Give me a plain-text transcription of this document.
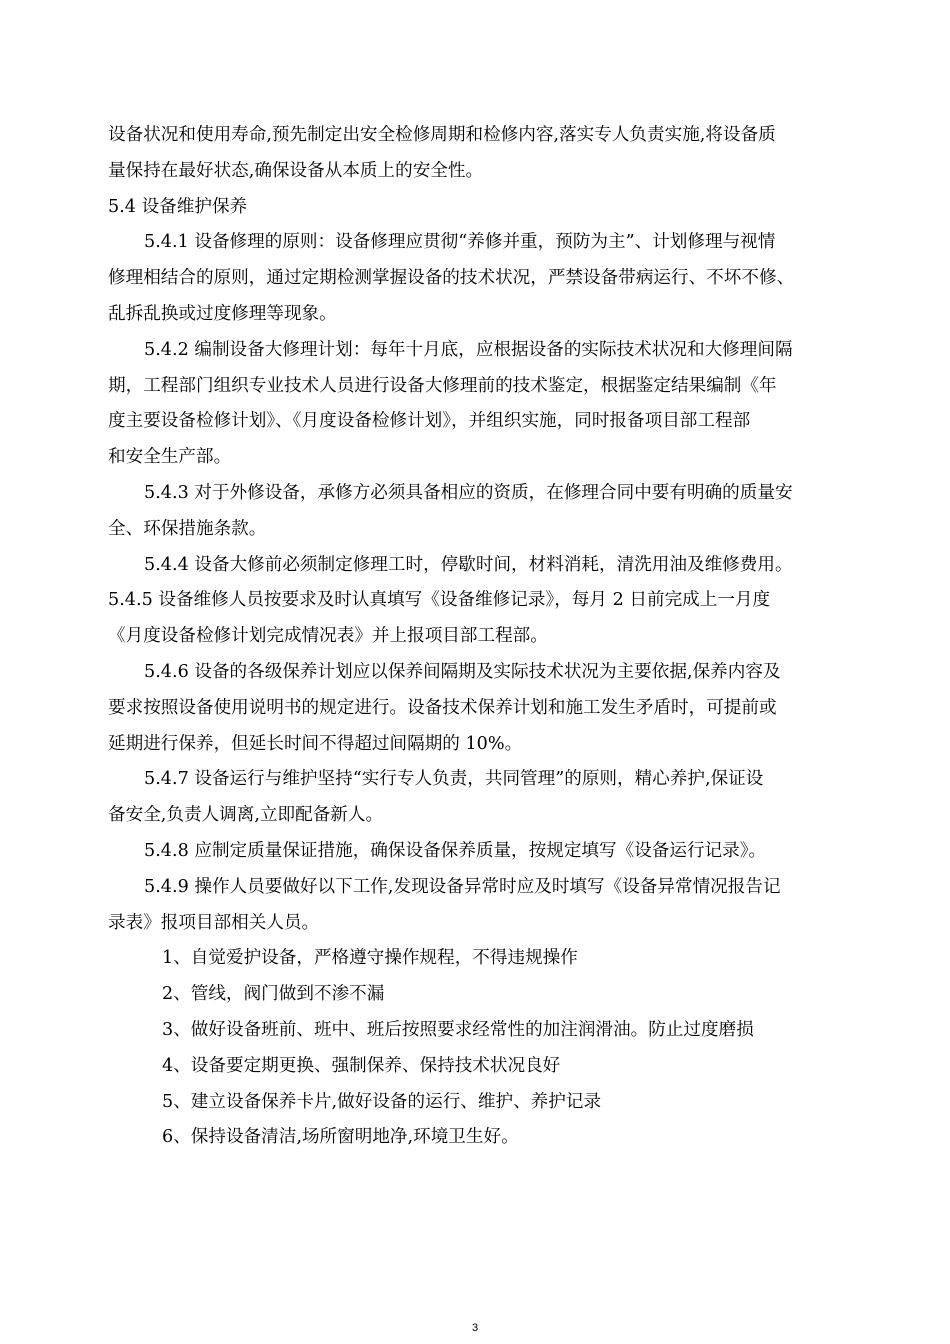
设备状况和使用寿命,预先制定出安全检修周期和检修内容,落实专人负责实施,将设备质

量保持在最好状态,确保设备从本质上的安全性。

5.4 设备维护保养

5.4.1 设备修理的原则：设备修理应贯彻“养修并重，预防为主”、计划修理与视情

修理相结合的原则，通过定期检测掌握设备的技术状况，严禁设备带病运行、不坏不修、

乱拆乱换或过度修理等现象。

5.4.2 编制设备大修理计划：每年十月底，应根据设备的实际技术状况和大修理间隔

期，工程部门组织专业技术人员进行设备大修理前的技术鉴定，根据鉴定结果编制《年

度主要设备检修计划》、《月度设备检修计划》，并组织实施，同时报备项目部工程部

和安全生产部。

5.4.3 对于外修设备，承修方必须具备相应的资质，在修理合同中要有明确的质量安

全、环保措施条款。

5.4.4 设备大修前必须制定修理工时，停歇时间，材料消耗，清洗用油及维修费用。

5.4.5 设备维修人员按要求及时认真填写《设备维修记录》，每月 2 日前完成上一月度

《月度设备检修计划完成情况表》并上报项目部工程部。

5.4.6 设备的各级保养计划应以保养间隔期及实际技术状况为主要依据,保养内容及

要求按照设备使用说明书的规定进行。设备技术保养计划和施工发生矛盾时，可提前或

延期进行保养，但延长时间不得超过间隔期的 10%。

5.4.7 设备运行与维护坚持“实行专人负责，共同管理”的原则，精心养护,保证设

备安全,负责人调离,立即配备新人。

5.4.8 应制定质量保证措施，确保设备保养质量，按规定填写《设备运行记录》。

5.4.9 操作人员要做好以下工作,发现设备异常时应及时填写《设备异常情况报告记

录表》报项目部相关人员。

1、自觉爱护设备，严格遵守操作规程，不得违规操作

2、管线，阀门做到不渗不漏

3、做好设备班前、班中、班后按照要求经常性的加注润滑油。防止过度磨损

4、设备要定期更换、强制保养、保持技术状况良好

5、建立设备保养卡片,做好设备的运行、维护、养护记录

6、保持设备清洁,场所窗明地净,环境卫生好。

3
